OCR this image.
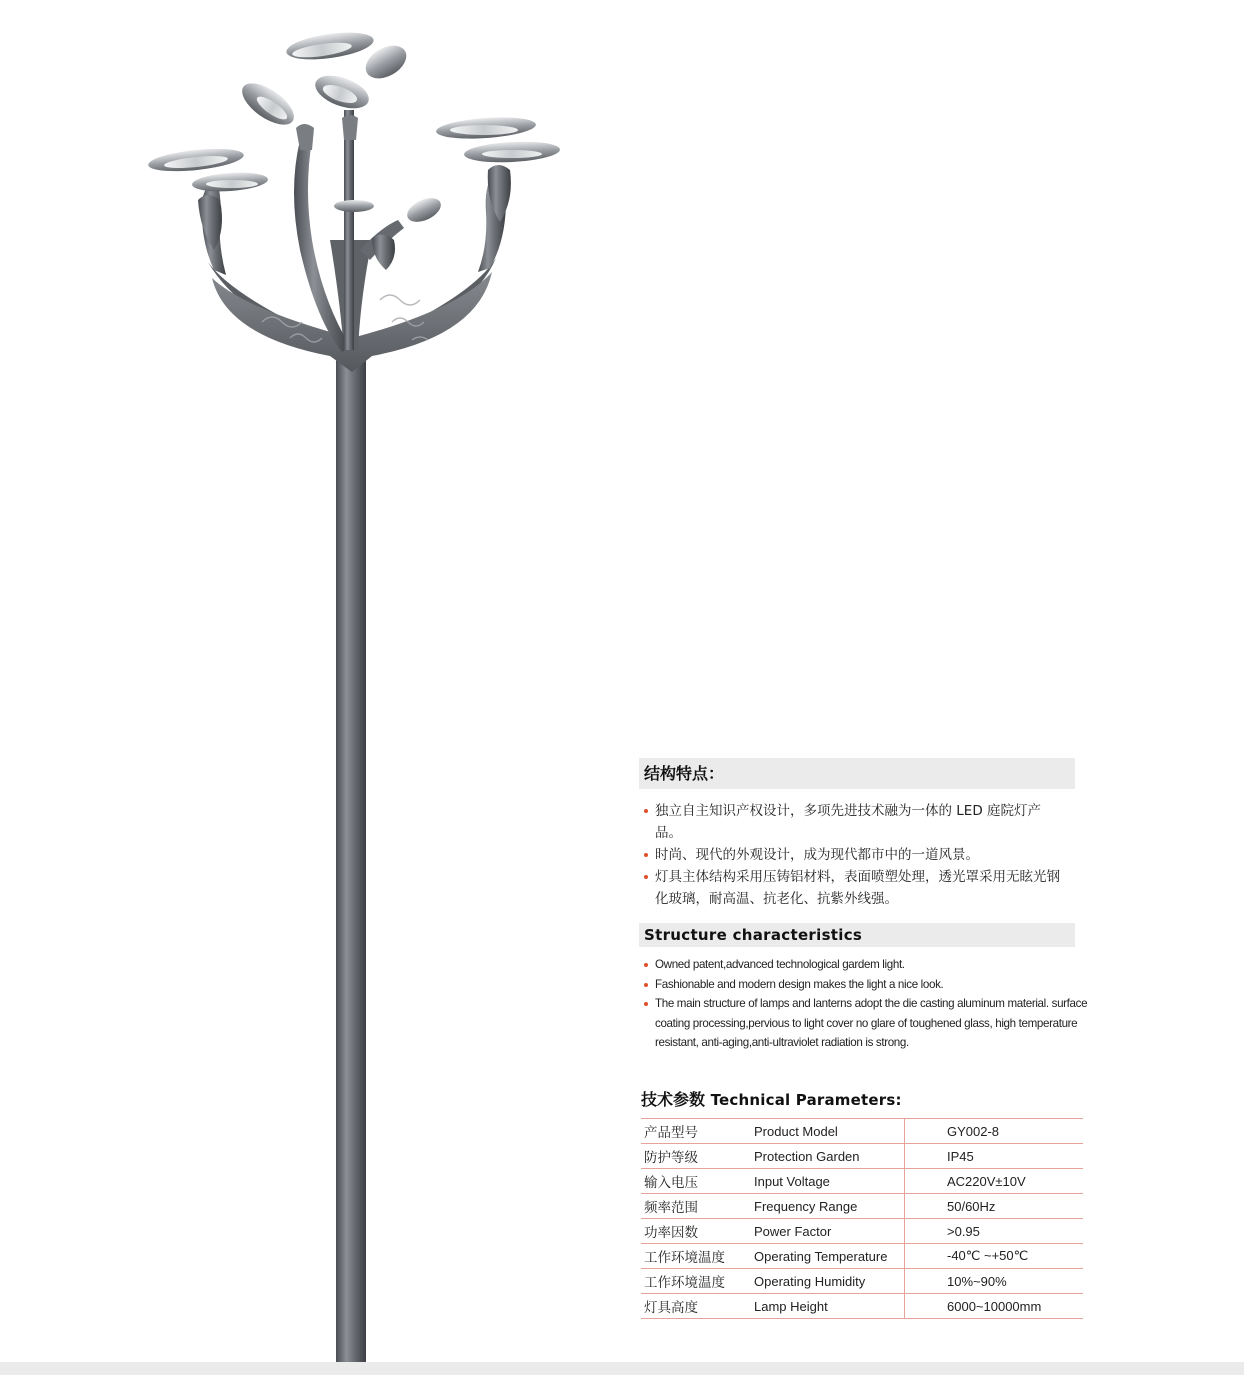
结构特点：
独立自主知识产权设计，多项先进技术融为一体的 LED 庭院灯产品。
时尚、现代的外观设计，成为现代都市中的一道风景。
灯具主体结构采用压铸铝材料，表面喷塑处理，透光罩采用无眩光钢化玻璃，耐高温、抗老化、抗紫外线强。
Structure characteristics
Owned patent,advanced technological gardem light.
Fashionable and modern design makes the light a nice look.
The main structure of lamps and lanterns adopt the die casting aluminum material. surface coating processing,pervious to light cover no glare of toughened glass, high temperature resistant, anti-aging,anti-ultraviolet radiation is strong.
技术参数 Technical Parameters:
产品型号	Product Model	GY002-8
防护等级	Protection Garden	IP45
输入电压	Input Voltage	AC220V±10V
频率范围	Frequency Range	50/60Hz
功率因数	Power Factor	>0.95
工作环境温度	Operating Temperature	-40℃ ~+50℃
工作环境温度	Operating Humidity	10%~90%
灯具高度	Lamp Height	6000~10000mm
